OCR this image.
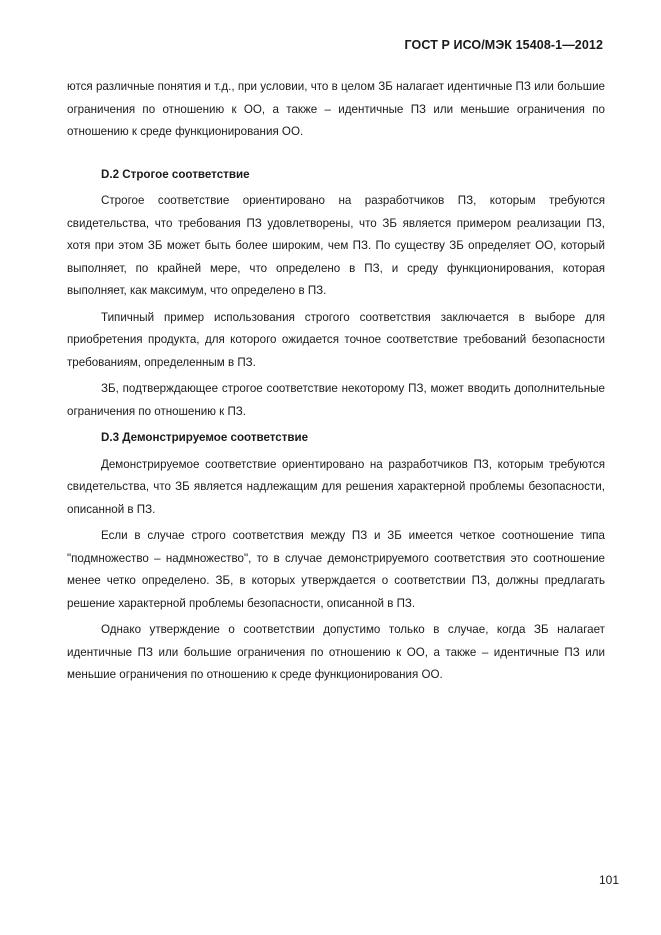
ГОСТ Р ИСО/МЭК 15408-1—2012

ются различные понятия и т.д., при условии, что в целом ЗБ налагает идентичные ПЗ или большие ограничения по отношению к ОО, а также – идентичные ПЗ или меньшие ограничения по отношению к среде функционирования ОО.

D.2 Строгое соответствие

Строгое соответствие ориентировано на разработчиков ПЗ, которым требуются свидетельства, что требования ПЗ удовлетворены, что ЗБ является примером реализации ПЗ, хотя при этом ЗБ может быть более широким, чем ПЗ. По существу ЗБ определяет ОО, который выполняет, по крайней мере, что определено в ПЗ, и среду функционирования, которая выполняет, как максимум, что определено в ПЗ.

Типичный пример использования строгого соответствия заключается в выборе для приобретения продукта, для которого ожидается точное соответствие требований безопасности требованиям, определенным в ПЗ.

ЗБ, подтверждающее строгое соответствие некоторому ПЗ, может вводить дополнительные ограничения по отношению к ПЗ.

D.3 Демонстрируемое соответствие

Демонстрируемое соответствие ориентировано на разработчиков ПЗ, которым требуются свидетельства, что ЗБ является надлежащим для решения характерной проблемы безопасности, описанной в ПЗ.

Если в случае строго соответствия между ПЗ и ЗБ имеется четкое соотношение типа "подмножество – надмножество", то в случае демонстрируемого соответствия это соотношение менее четко определено. ЗБ, в которых утверждается о соответствии ПЗ, должны предлагать решение характерной проблемы безопасности, описанной в ПЗ.

Однако утверждение о соответствии допустимо только в случае, когда ЗБ налагает идентичные ПЗ или большие ограничения по отношению к ОО, а также – идентичные ПЗ или меньшие ограничения по отношению к среде функционирования ОО.

101
